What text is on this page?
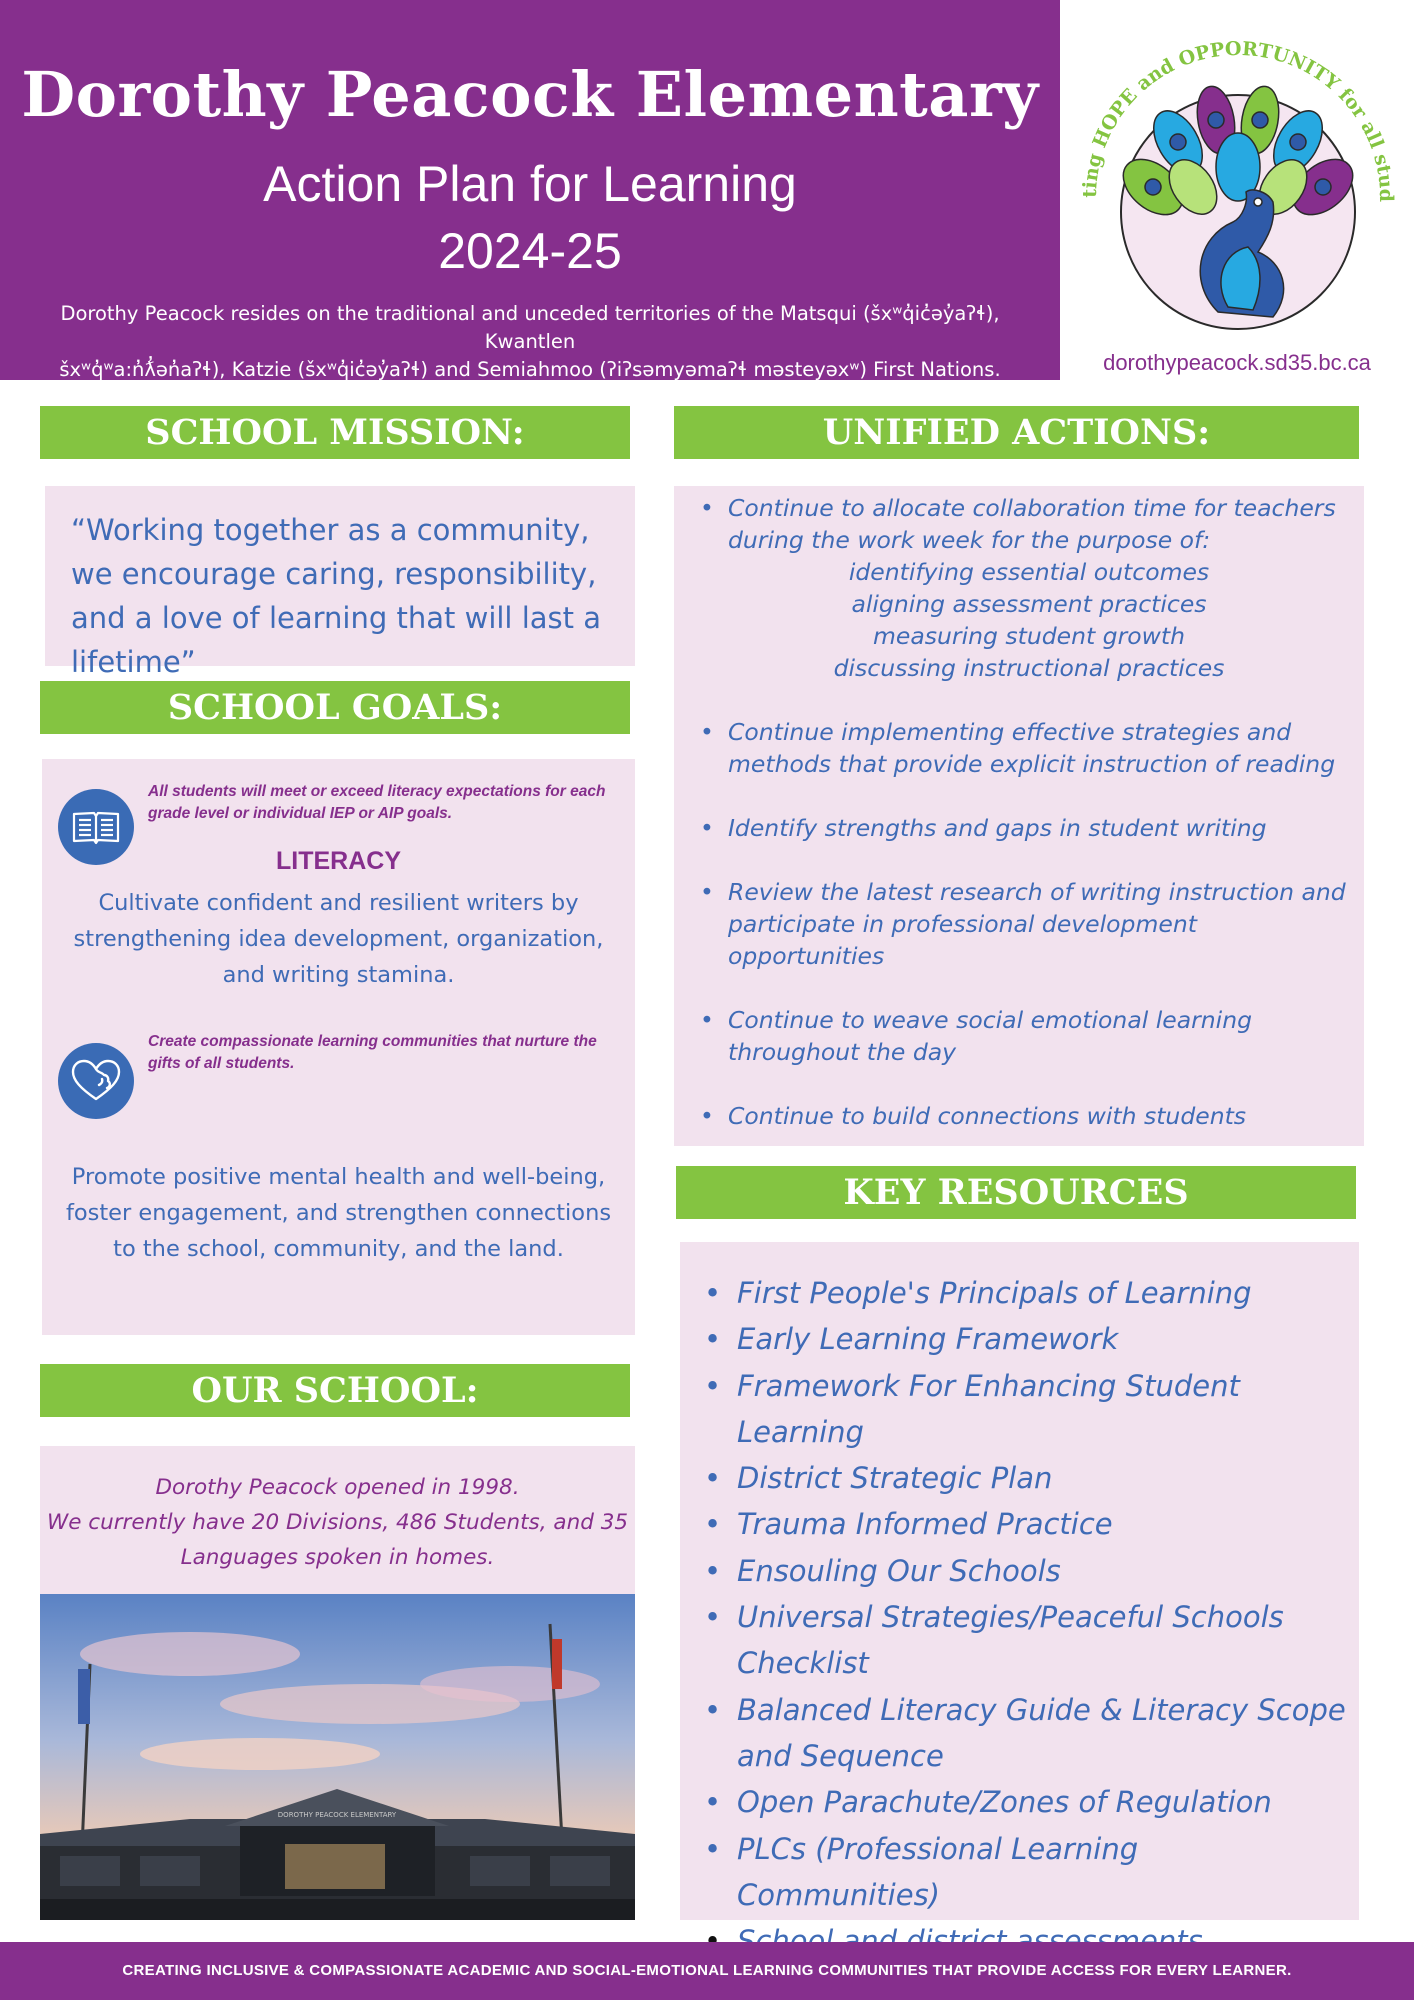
Dorothy Peacock Elementary
Action Plan for Learning
2024-25
Dorothy Peacock resides on the traditional and unceded territories of the Matsqui (šxʷq̓ic̓əy̓aʔɬ), Kwantlen
šxʷq̓ʷa:n̓ƛ̓ən̓aʔɬ), Katzie (šxʷq̓ic̓əy̓aʔɬ) and Semiahmoo (ʔiʔsəmyəmaʔɬ məsteyəxʷ) First Nations.
ting HOPE and OPPORTUNITY for all stud
dorothypeacock.sd35.bc.ca
SCHOOL MISSION:
“Working together as a community, we encourage caring, responsibility, and a love of learning that will last a lifetime”
SCHOOL GOALS:
All students will meet or exceed literacy expectations for each grade level or individual IEP or AIP goals.
LITERACY
Cultivate confident and resilient writers by strengthening idea development, organization, and writing stamina.
Create compassionate learning communities that nurture the gifts of all students.
Promote positive mental health and well-being, foster engagement, and strengthen connections to the school, community, and the land.
OUR SCHOOL:
Dorothy Peacock opened in 1998.
We currently have 20 Divisions, 486 Students, and 35 Languages spoken in homes.
DOROTHY PEACOCK ELEMENTARY
UNIFIED ACTIONS:
• Continue to allocate collaboration time for teachers during the work week for the purpose of:
identifying essential outcomes
aligning assessment practices
measuring student growth
discussing instructional practices
• Continue implementing effective strategies and methods that provide explicit instruction of reading
• Identify strengths and gaps in student writing
• Review the latest research of writing instruction and participate in professional development opportunities
• Continue to weave social emotional learning throughout the day
• Continue to build connections with students
KEY RESOURCES
• First People's Principals of Learning
• Early Learning Framework
• Framework For Enhancing Student Learning
• District Strategic Plan
• Trauma Informed Practice
• Ensouling Our Schools
• Universal Strategies/Peaceful Schools Checklist
• Balanced Literacy Guide & Literacy Scope and Sequence
• Open Parachute/Zones of Regulation
• PLCs (Professional Learning Communities)
•
CREATING INCLUSIVE & COMPASSIONATE ACADEMIC AND SOCIAL-EMOTIONAL LEARNING COMMUNITIES THAT PROVIDE ACCESS FOR EVERY LEARNER.
